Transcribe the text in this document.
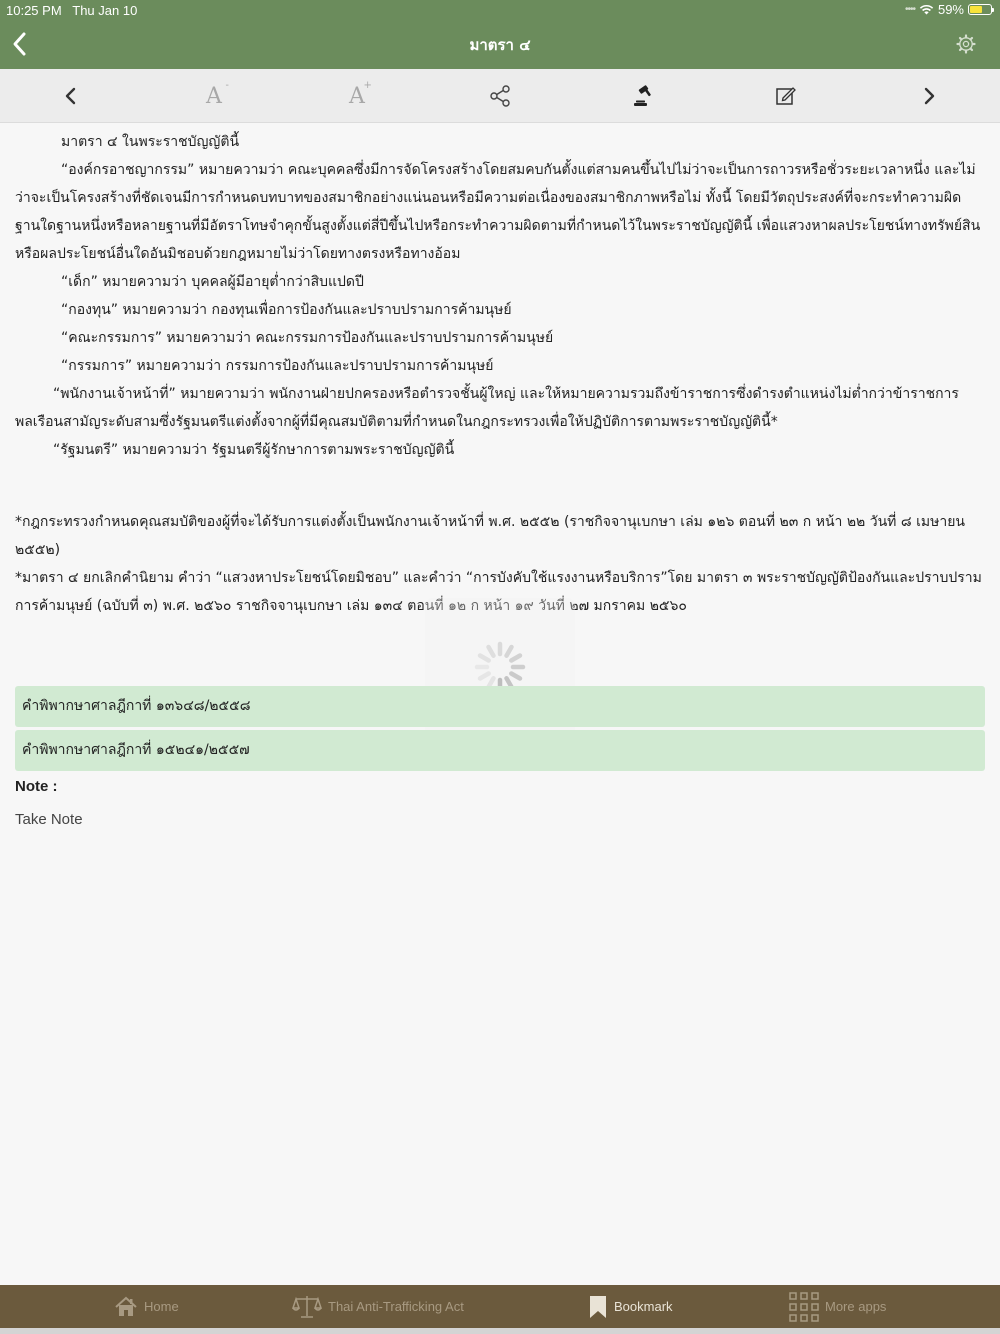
10:25 PM Thu Jan 10	•••• 59%
มาตรา ๔
A -	A
+

มาตรา ๔ ในพระราชบัญญัตินี้

“องค์กรอาชญากรรม” หมายความว่า คณะบุคคลซึ่งมีการจัดโครงสร้างโดยสมคบกันตั้งแต่สามคนขึ้นไปไม่ว่าจะเป็นการถาวรหรือชั่วระยะเวลาหนึ่ง และไม่ว่าจะเป็นโครงสร้างที่ชัดเจนมีการกำหนดบทบาทของสมาชิกอย่างแน่นอนหรือมีความต่อเนื่องของสมาชิกภาพหรือไม่ ทั้งนี้ โดยมีวัตถุประสงค์ที่จะกระทำความผิดฐานใดฐานหนึ่งหรือหลายฐานที่มีอัตราโทษจำคุกขั้นสูงตั้งแต่สี่ปีขึ้นไปหรือกระทำความผิดตามที่กำหนดไว้ในพระราชบัญญัตินี้ เพื่อแสวงหาผลประโยชน์ทางทรัพย์สินหรือผลประโยชน์อื่นใดอันมิชอบด้วยกฎหมายไม่ว่าโดยทางตรงหรือทางอ้อม

“เด็ก” หมายความว่า บุคคลผู้มีอายุต่ำกว่าสิบแปดปี

“กองทุน” หมายความว่า กองทุนเพื่อการป้องกันและปราบปรามการค้ามนุษย์

“คณะกรรมการ” หมายความว่า คณะกรรมการป้องกันและปราบปรามการค้ามนุษย์

“กรรมการ” หมายความว่า กรรมการป้องกันและปราบปรามการค้ามนุษย์

“พนักงานเจ้าหน้าที่” หมายความว่า พนักงานฝ่ายปกครองหรือตำรวจชั้นผู้ใหญ่ และให้หมายความรวมถึงข้าราชการซึ่งดำรงตำแหน่งไม่ต่ำกว่าข้าราชการพลเรือนสามัญระดับสามซึ่งรัฐมนตรีแต่งตั้งจากผู้ที่มีคุณสมบัติตามที่กำหนดในกฎกระทรวงเพื่อให้ปฏิบัติการตามพระราชบัญญัตินี้*

“รัฐมนตรี” หมายความว่า รัฐมนตรีผู้รักษาการตามพระราชบัญญัตินี้

*กฎกระทรวงกำหนดคุณสมบัติของผู้ที่จะได้รับการแต่งตั้งเป็นพนักงานเจ้าหน้าที่ พ.ศ. ๒๕๕๒ (ราชกิจจานุเบกษา เล่ม ๑๒๖ ตอนที่ ๒๓ ก หน้า ๒๒ วันที่ ๘ เมษายน ๒๕๕๒)

*มาตรา ๔ ยกเลิกคำนิยาม คำว่า “แสวงหาประโยชน์โดยมิชอบ” และคำว่า “การบังคับใช้แรงงานหรือบริการ”โดย มาตรา ๓ พระราชบัญญัติป้องกันและปราบปรามการค้ามนุษย์ (ฉบับที่ ๓) พ.ศ. ๒๕๖๐ ราชกิจจานุเบกษา เล่ม ๑๓๔ ตอนที่ ๑๒ ก หน้า ๑๙ วันที่ ๒๗ มกราคม ๒๕๖๐

คำพิพากษาศาลฎีกาที่ ๑๓๖๔๘/๒๕๕๘
คำพิพากษาศาลฎีกาที่ ๑๕๒๔๑/๒๕๕๗
Note :
Take Note
Home	Thai Anti-Trafficking Act	Bookmark	More apps
